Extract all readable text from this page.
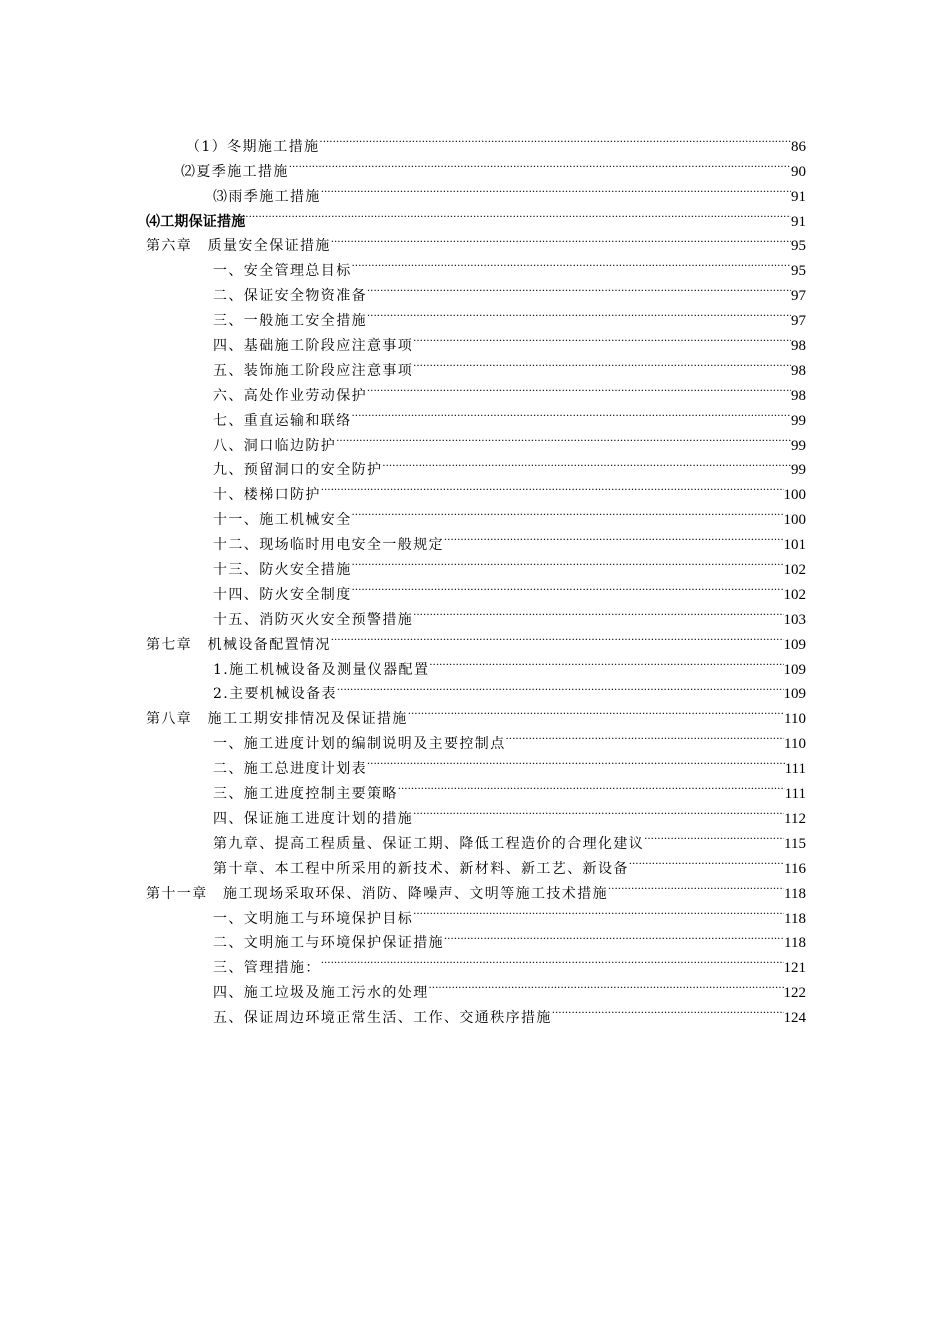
（1）冬期施工措施 .....	86
⑵夏季施工措施 .....	90
⑶雨季施工措施 .....	91
⑷工期保证措施 .....	91
第六章　质量安全保证措施 .....	95
一、安全管理总目标 .....	95
二、保证安全物资准备 .....	97
三、一般施工安全措施 .....	97
四、基础施工阶段应注意事项 .....	98
五、装饰施工阶段应注意事项 .....	98
六、高处作业劳动保护 .....	98
七、重直运输和联络 .....	99
八、洞口临边防护 .....	99
九、预留洞口的安全防护 .....	99
十、楼梯口防护 .....	100
十一、施工机械安全 .....	100
十二、现场临时用电安全一般规定 .....	101
十三、防火安全措施 .....	102
十四、防火安全制度 .....	102
十五、消防灭火安全预警措施 .....	103
第七章　机械设备配置情况 .....	109
1.施工机械设备及测量仪器配置 .....	109
2.主要机械设备表 .....	109
第八章　施工工期安排情况及保证措施 .....	110
一、施工进度计划的编制说明及主要控制点 .....	110
二、施工总进度计划表 .....	111
三、施工进度控制主要策略 .....	111
四、保证施工进度计划的措施 .....	112
第九章、提高工程质量、保证工期、降低工程造价的合理化建议 .....	115
第十章、本工程中所采用的新技术、新材料、新工艺、新设备 .....	116
第十一章　施工现场采取环保、消防、降噪声、文明等施工技术措施 .....	118
一、文明施工与环境保护目标 .....	118
二、文明施工与环境保护保证措施 .....	118
三、管理措施： .....	121
四、施工垃圾及施工污水的处理 .....	122
五、保证周边环境正常生活、工作、交通秩序措施 .....	124
